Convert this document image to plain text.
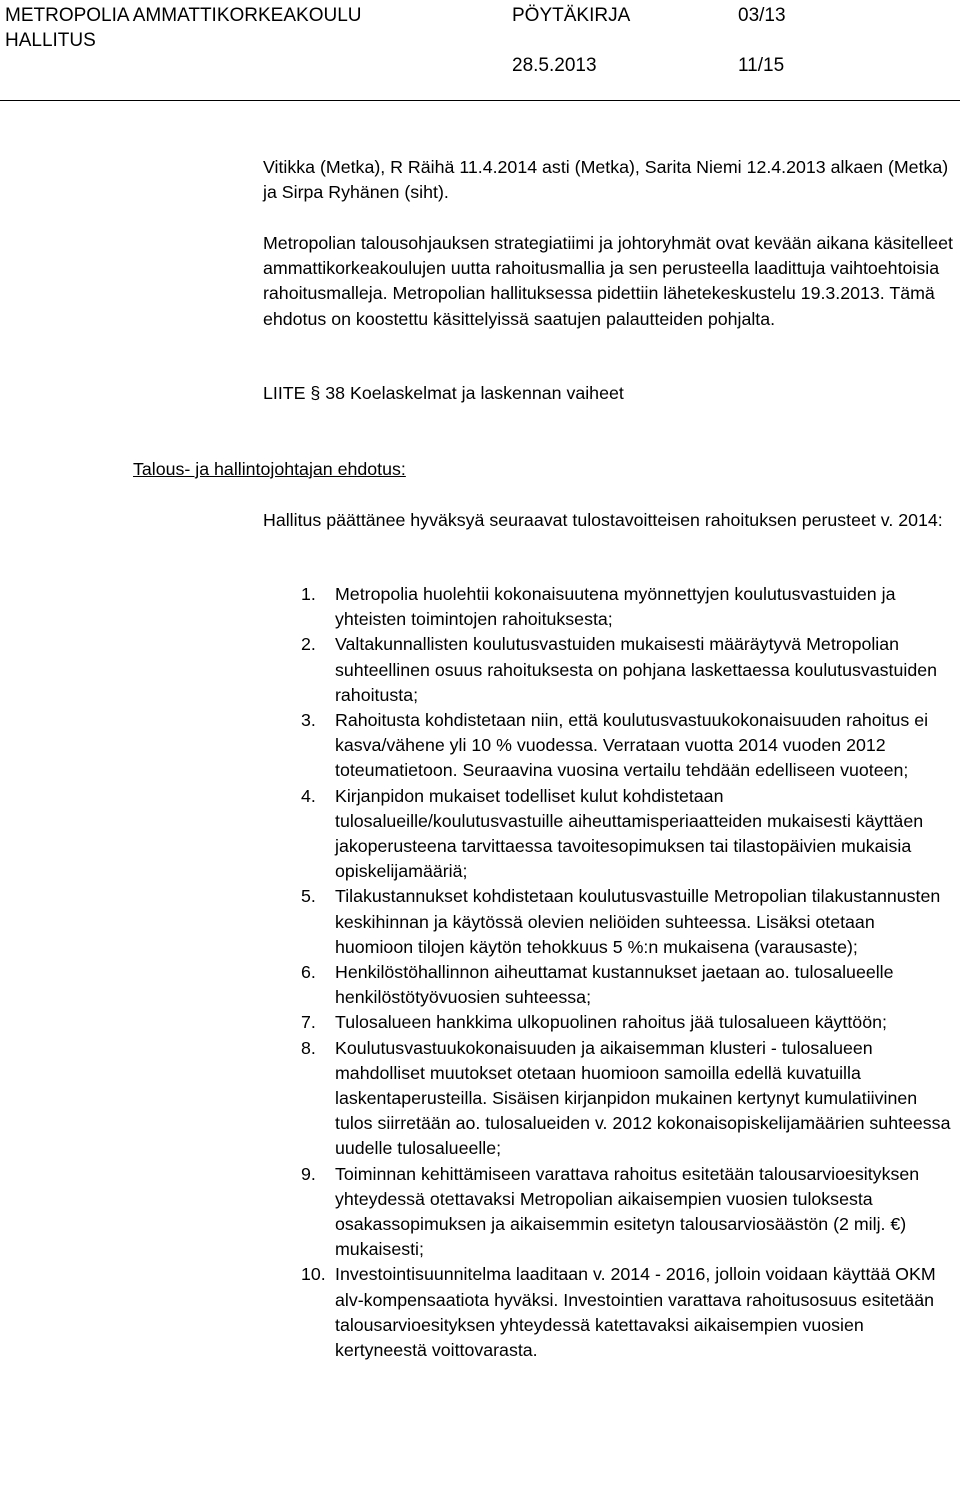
METROPOLIA AMMATTIKORKEAKOULU
HALLITUS
PÖYTÄKIRJA
28.5.2013
03/13
11/15

Vitikka (Metka), R Räihä 11.4.2014 asti (Metka), Sarita Niemi 12.4.2013 alkaen (Metka) ja Sirpa Ryhänen (siht).

Metropolian talousohjauksen strategiatiimi ja johtoryhmät ovat kevään aikana käsitelleet ammattikorkeakoulujen uutta rahoitusmallia ja sen perusteella laadittuja vaihtoehtoisia rahoitusmalleja. Metropolian hallituksessa pidettiin lähetekeskustelu 19.3.2013. Tämä ehdotus on koostettu käsittelyissä saatujen palautteiden pohjalta.

LIITE § 38 Koelaskelmat ja laskennan vaiheet
Talous- ja hallintojohtajan ehdotus:

Hallitus päättänee hyväksyä seuraavat tulostavoitteisen rahoituksen perusteet v. 2014:

1. Metropolia huolehtii kokonaisuutena myönnettyjen koulutusvastuiden ja yhteisten toimintojen rahoituksesta;
2. Valtakunnallisten koulutusvastuiden mukaisesti määräytyvä Metropolian suhteellinen osuus rahoituksesta on pohjana laskettaessa koulutusvastuiden rahoitusta;
3. Rahoitusta kohdistetaan niin, että koulutusvastuukokonaisuuden rahoitus ei kasva/vähene yli 10 % vuodessa. Verrataan vuotta 2014 vuoden 2012 toteumatietoon. Seuraavina vuosina vertailu tehdään edelliseen vuoteen;
4. Kirjanpidon mukaiset todelliset kulut kohdistetaan tulosalueille/koulutusvastuille aiheuttamisperiaatteiden mukaisesti käyttäen jakoperusteena tarvittaessa tavoitesopimuksen tai tilastopäivien mukaisia opiskelijamääriä;
5. Tilakustannukset kohdistetaan koulutusvastuille Metropolian tilakustannusten keskihinnan ja käytössä olevien neliöiden suhteessa. Lisäksi otetaan huomioon tilojen käytön tehokkuus 5 %:n mukaisena (varausaste);
6. Henkilöstöhallinnon aiheuttamat kustannukset jaetaan ao. tulosalueelle henkilöstötyövuosien suhteessa;
7. Tulosalueen hankkima ulkopuolinen rahoitus jää tulosalueen käyttöön;
8. Koulutusvastuukokonaisuuden ja aikaisemman klusteri - tulosalueen mahdolliset muutokset otetaan huomioon samoilla edellä kuvatuilla laskentaperusteilla. Sisäisen kirjanpidon mukainen kertynyt kumulatiivinen tulos siirretään ao. tulosalueiden v. 2012 kokonaisopiskelijamäärien suhteessa uudelle tulosalueelle;
9. Toiminnan kehittämiseen varattava rahoitus esitetään talousarvioesityksen yhteydessä otettavaksi Metropolian aikaisempien vuosien tuloksesta osakassopimuksen ja aikaisemmin esitetyn talousarviosäästön (2 milj. €) mukaisesti;
10. Investointisuunnitelma laaditaan v. 2014 - 2016, jolloin voidaan käyttää OKM alv-kompensaatiota hyväksi. Investointien varattava rahoitusosuus esitetään talousarvioesityksen yhteydessä katettavaksi aikaisempien vuosien kertyneestä voittovarasta.
